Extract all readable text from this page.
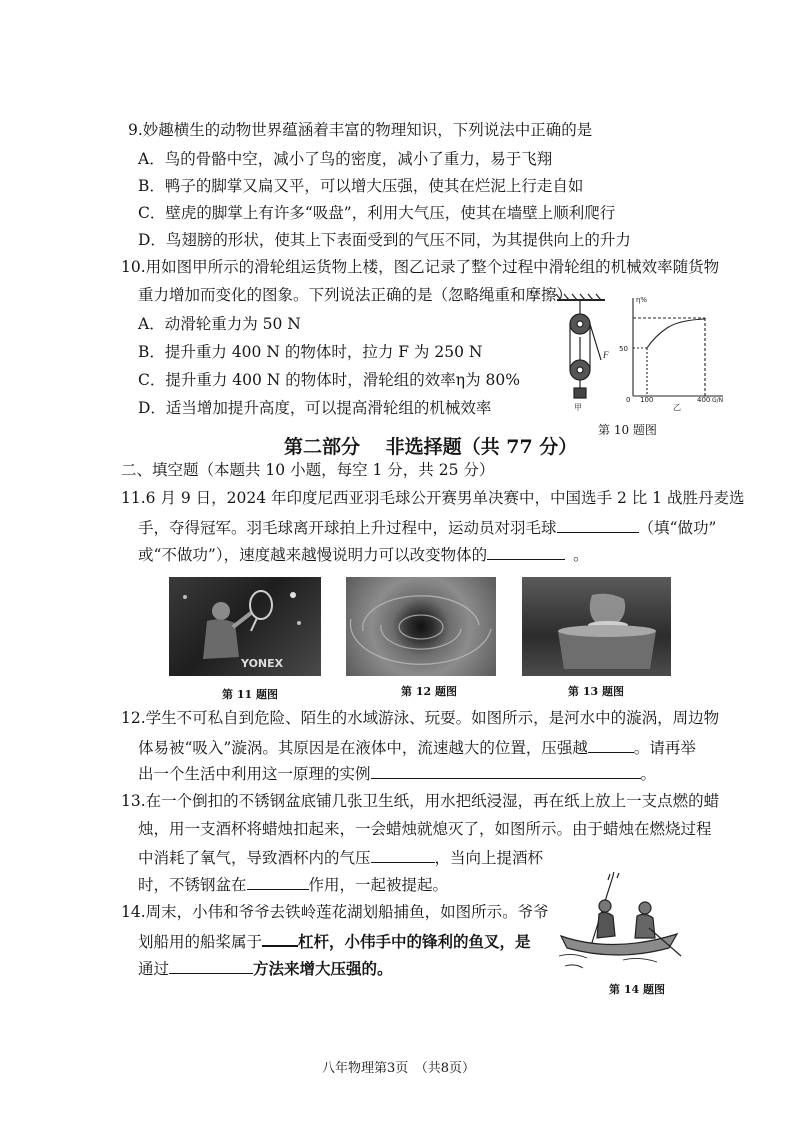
9.妙趣横生的动物世界蕴涵着丰富的物理知识，下列说法中正确的是
A．鸟的骨骼中空，减小了鸟的密度，减小了重力，易于飞翔
B．鸭子的脚掌又扁又平，可以增大压强，使其在烂泥上行走自如
C．壁虎的脚掌上有许多“吸盘”，利用大气压，使其在墙壁上顺利爬行
D．鸟翅膀的形状，使其上下表面受到的气压不同，为其提供向上的升力
10.用如图甲所示的滑轮组运货物上楼，图乙记录了整个过程中滑轮组的机械效率随货物
重力增加而变化的图象。下列说法正确的是（忽略绳重和摩擦）
A．动滑轮重力为 50 N
B．提升重力 400 N 的物体时，拉力 F 为 250 N
C．提升重力 400 N 的物体时，滑轮组的效率η为 80%
D．适当增加提升高度，可以提高滑轮组的机械效率
F
甲
η%
50
0 100	400 G/N
乙
第 10 题图
第二部分　 非选择题（共 77 分）
二、填空题（本题共 10 小题，每空 1 分，共 25 分）
11.6 月 9 日，2024 年印度尼西亚羽毛球公开赛男单决赛中，中国选手 2 比 1 战胜丹麦选
手，夺得冠军。羽毛球离开球拍上升过程中，运动员对羽毛球	（填“做功”
或“不做功”），速度越来越慢说明力可以改变物体的	。
YONEX
第 11 题图	第 12 题图	第 13 题图
12.学生不可私自到危险、陌生的水域游泳、玩耍。如图所示，是河水中的漩涡，周边物
体易被“吸入”漩涡。其原因是在液体中，流速越大的位置，压强越	。请再举
出一个生活中利用这一原理的实例	。
13.在一个倒扣的不锈钢盆底铺几张卫生纸，用水把纸浸湿，再在纸上放上一支点燃的蜡
烛，用一支酒杯将蜡烛扣起来，一会蜡烛就熄灭了，如图所示。由于蜡烛在燃烧过程
中消耗了氧气，导致酒杯内的气压	，当向上提酒杯
时，不锈钢盆在	作用，一起被提起。
14.周末，小伟和爷爷去铁岭莲花湖划船捕鱼，如图所示。爷爷
划船用的船桨属于 杠杆，小伟手中的锋利的鱼叉，是
通过	方法来增大压强的。
第 14 题图
八年物理第3页　（共8页）
